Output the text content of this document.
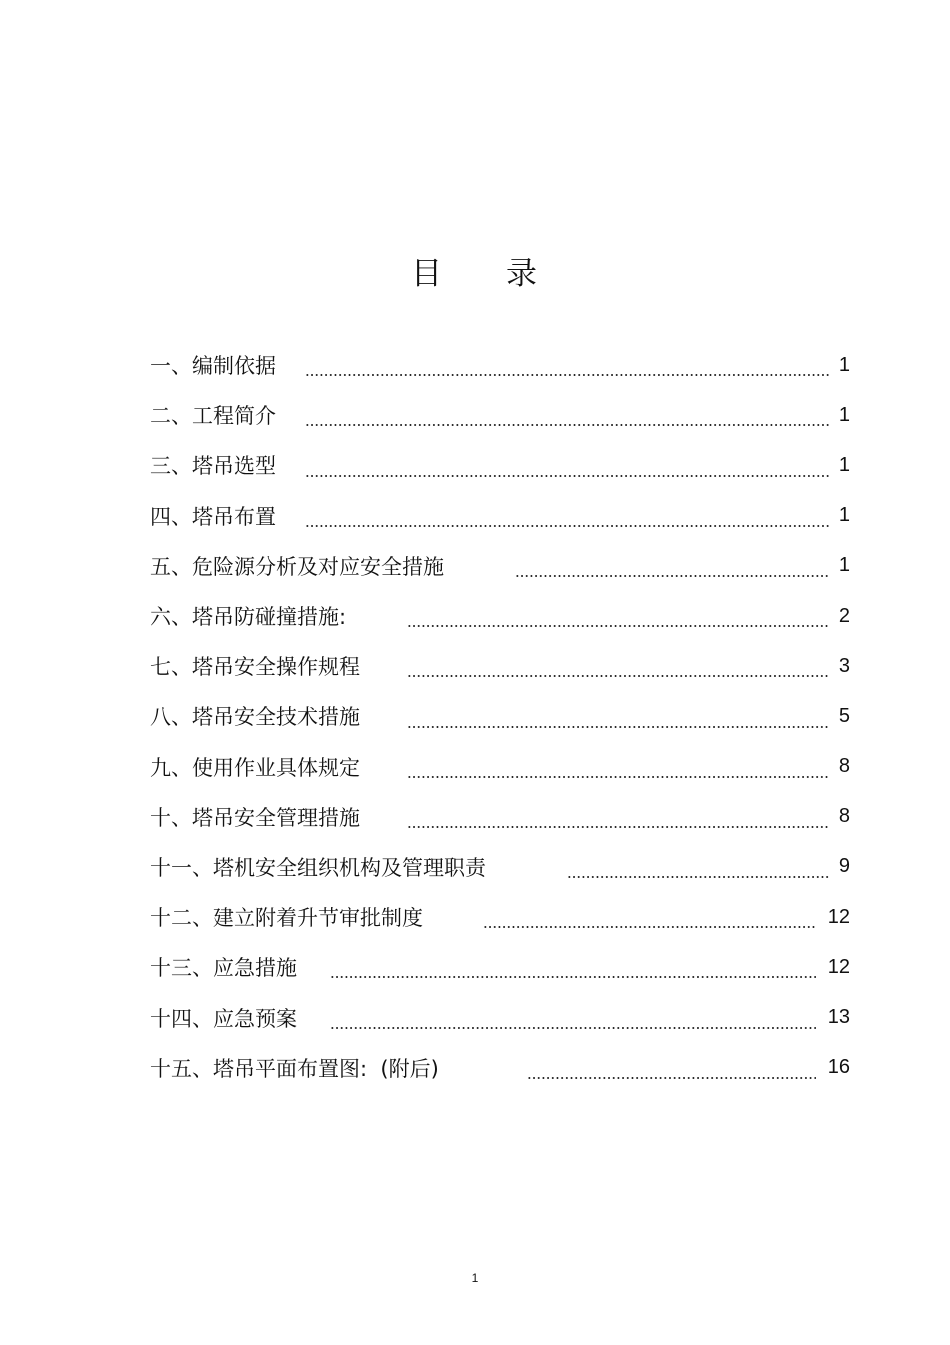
目 录
一、编制依据	1
二、工程简介	1
三、塔吊选型	1
四、塔吊布置	1
五、危险源分析及对应安全措施	1
六、塔吊防碰撞措施:	2
七、塔吊安全操作规程	3
八、塔吊安全技术措施	5
九、使用作业具体规定	8
十、塔吊安全管理措施	8
十一、塔机安全组织机构及管理职责	9
十二、建立附着升节审批制度	12
十三、应急措施	12
十四、应急预案	13
十五、塔吊平面布置图:  (附后)	16
1
